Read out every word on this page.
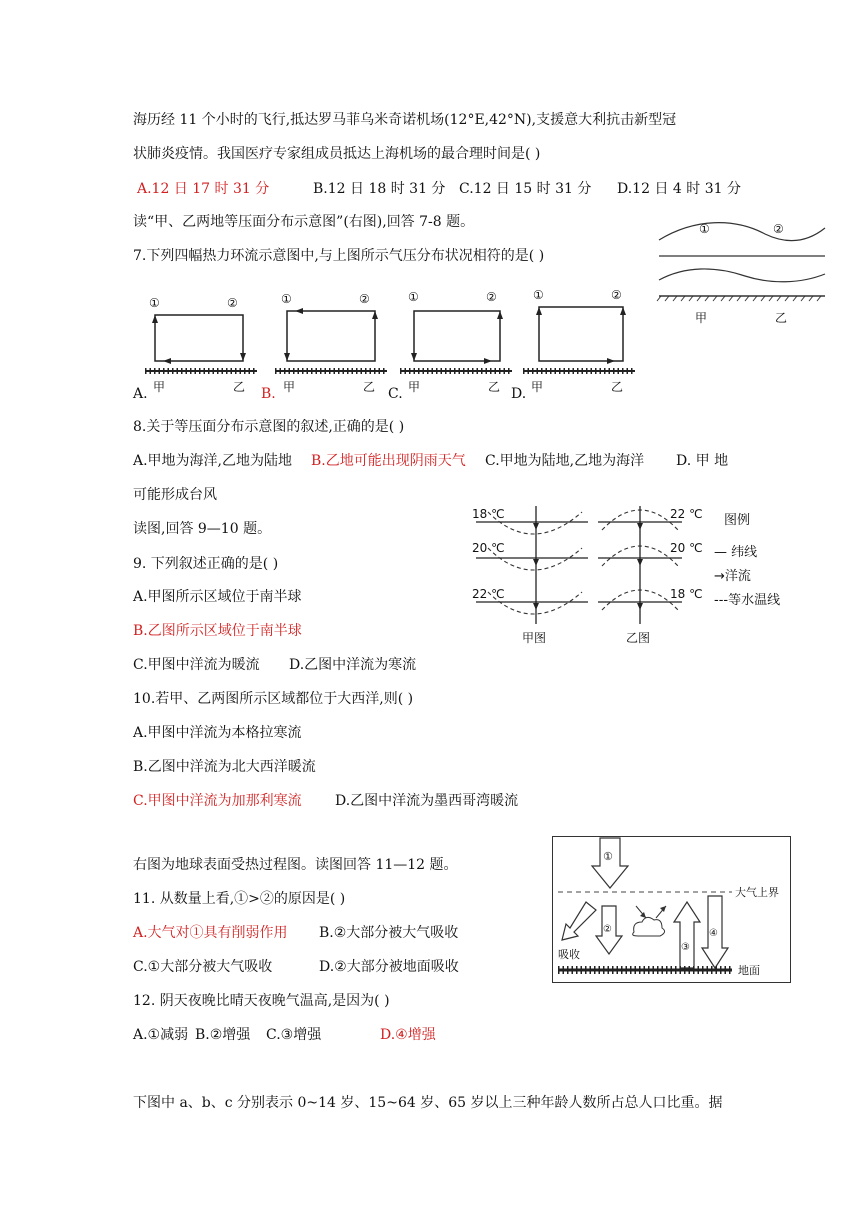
海历经 11 个小时的飞行,抵达罗马菲乌米奇诺机场(12°E,42°N),支援意大利抗击新型冠
状肺炎疫情。我国医疗专家组成员抵达上海机场的最合理时间是( )
A.12 日 17 时 31 分	B.12 日 18 时 31 分 C.12 日 15 时 31 分 D.12 日 4 时 31 分
读“甲、乙两地等压面分布示意图”(右图),回答 7-8 题。
7.下列四幅热力环流示意图中,与上图所示气压分布状况相符的是( )
①	②
甲	乙
①	②
甲	乙
①	②
甲	乙
①	②
甲	乙
①	②
甲	乙
A.	B.	C.	D.
8.关于等压面分布示意图的叙述,正确的是( )
A.甲地为海洋,乙地为陆地 B.乙地可能出现阴雨天气 C.甲地为陆地,乙地为海洋 D. 甲 地
可能形成台风
读图,回答 9—10 题。
18 ℃
20 ℃
22 ℃
22 ℃
20 ℃
18 ℃
甲图	乙图
图例
— 纬线
→洋流
---等水温线
9. 下列叙述正确的是( )
A.甲图所示区域位于南半球
B.乙图所示区域位于南半球
C.甲图中洋流为暖流 D.乙图中洋流为寒流
10.若甲、乙两图所示区域都位于大西洋,则( )
A.甲图中洋流为本格拉寒流
B.乙图中洋流为北大西洋暖流
C.甲图中洋流为加那利寒流 D.乙图中洋流为墨西哥湾暖流
大气上界
①
②
吸收
③
④
地面
右图为地球表面受热过程图。读图回答 11—12 题。
11. 从数量上看,①>②的原因是( )
A.大气对①具有削弱作用 B.②大部分被大气吸收
C.①大部分被大气吸收	D.②大部分被地面吸收
12. 阴天夜晚比晴天夜晚气温高,是因为( )
A.①减弱 B.②增强 C.③增强	D.④增强
下图中 a、b、c 分别表示 0~14 岁、15~64 岁、65 岁以上三种年龄人数所占总人口比重。据
